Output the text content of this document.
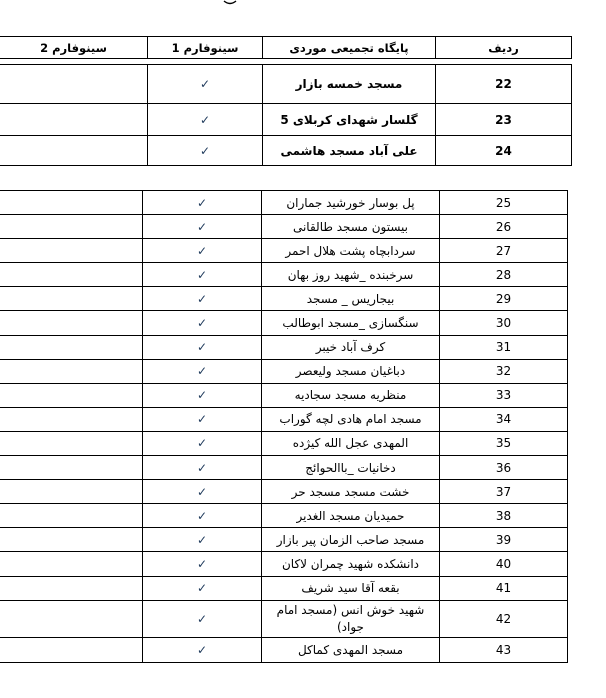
سینوفارم 2	سینوفارم 1	پایگاه تجمیعی موردی	ردیف
	✓	مسجد خمسه بازار	22
	✓	گلسار شهدای کربلای 5	23
	✓	علی آباد مسجد هاشمی	24
	✓	پل بوسار خورشید جماران	25
	✓	بیستون مسجد طالقانی	26
	✓	سردابچاه پشت هلال احمر	27
	✓	سرخبنده _شهید روز بهان	28
	✓	بیجاریس _ مسجد	29
	✓	سنگسازی _مسجد ابوطالب	30
	✓	کرف آباد خیبر	31
	✓	دباغیان مسجد ولیعصر	32
	✓	منظریه مسجد سجادیه	33
	✓	مسجد امام هادی لچه گوراب	34
	✓	المهدی عجل الله کیژده	35
	✓	دخانیات _باالحوائج	36
	✓	خشت مسجد مسجد حر	37
	✓	حمیدیان مسجد الغدیر	38
	✓	مسجد صاحب الزمان پیر بازار	39
	✓	دانشکده شهید چمران لاکان	40
	✓	بقعه آقا سید شریف	41
	✓	شهید خوش انس (مسجد امام جواد)	42
	✓	مسجد المهدی کماکل	43
